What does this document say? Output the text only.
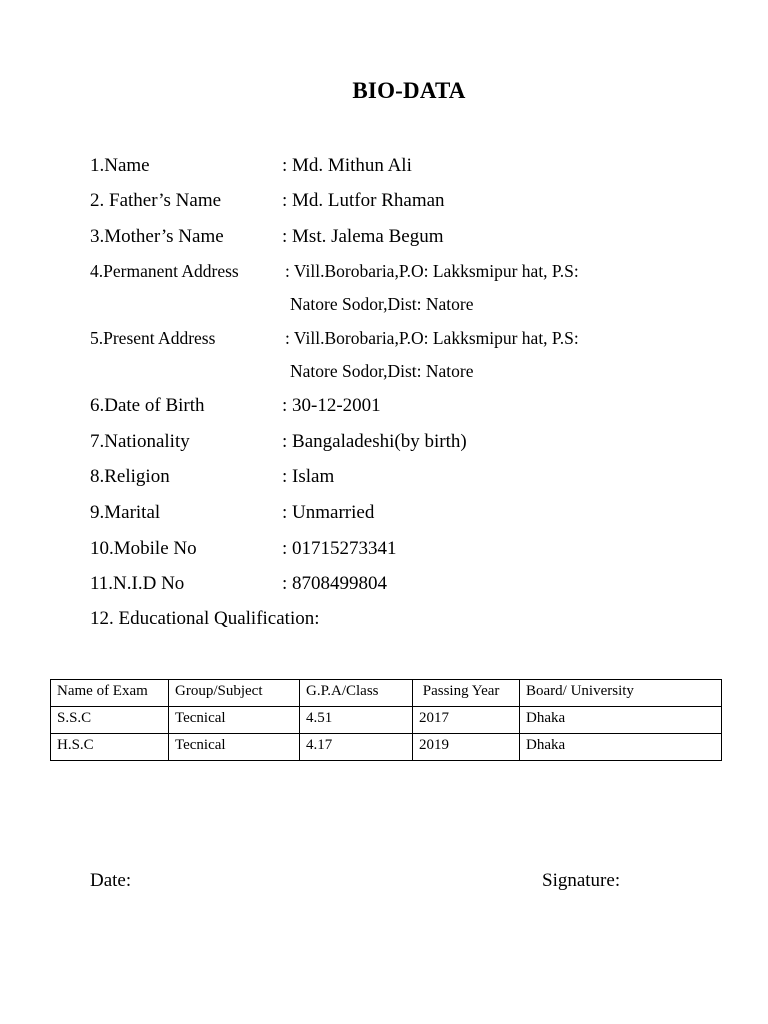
BIO-DATA
1.Name	: Md. Mithun Ali
2. Father’s Name	: Md. Lutfor Rhaman
3.Mother’s Name	: Mst. Jalema Begum
4.Permanent Address	: Vill.Borobaria,P.O: Lakksmipur hat, P.S:
Natore Sodor,Dist: Natore
5.Present Address	: Vill.Borobaria,P.O: Lakksmipur hat, P.S:
Natore Sodor,Dist: Natore
6.Date of Birth	: 30-12-2001
7.Nationality	: Bangaladeshi(by birth)
8.Religion	: Islam
9.Marital	: Unmarried
10.Mobile No	: 01715273341
11.N.I.D No	: 8708499804
12. Educational Qualification:
Name of Exam	Group/Subject	G.P.A/Class	Passing Year	Board/ University
S.S.C	Tecnical	4.51	2017	Dhaka
H.S.C	Tecnical	4.17	2019	Dhaka
Date:	Signature:
